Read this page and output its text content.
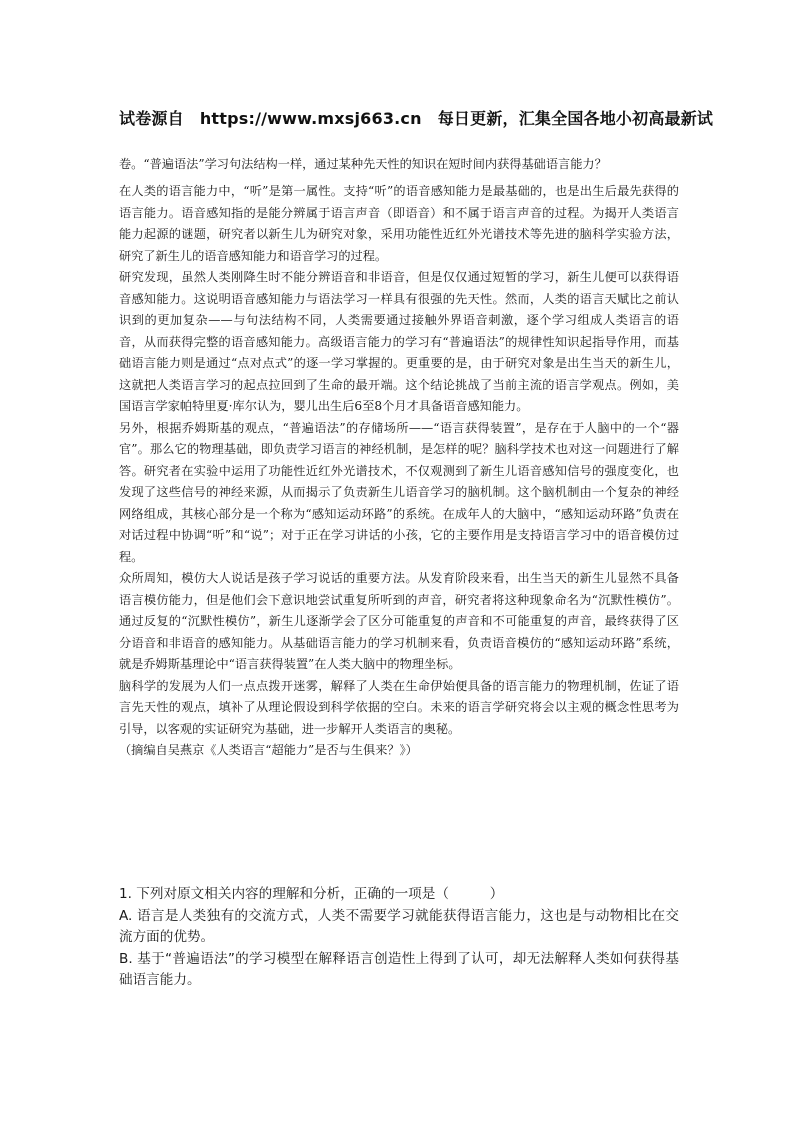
试卷源自 https://www.mxsj663.cn 每日更新，汇集全国各地小初高最新试

卷。“普遍语法”学习句法结构一样，通过某种先天性的知识在短时间内获得基础语言能力？

在人类的语言能力中，“听”是第一属性。支持“听”的语音感知能力是最基础的，也是出生后最先获得的语言能力。语音感知指的是能分辨属于语言声音（即语音）和不属于语言声音的过程。为揭开人类语言能力起源的谜题，研究者以新生儿为研究对象，采用功能性近红外光谱技术等先进的脑科学实验方法，研究了新生儿的语音感知能力和语音学习的过程。

研究发现，虽然人类刚降生时不能分辨语音和非语音，但是仅仅通过短暂的学习，新生儿便可以获得语音感知能力。这说明语音感知能力与语法学习一样具有很强的先天性。然而，人类的语言天赋比之前认识到的更加复杂——与句法结构不同，人类需要通过接触外界语音刺激，逐个学习组成人类语言的语音，从而获得完整的语音感知能力。高级语言能力的学习有“普遍语法”的规律性知识起指导作用，而基础语言能力则是通过“点对点式”的逐一学习掌握的。更重要的是，由于研究对象是出生当天的新生儿，这就把人类语言学习的起点拉回到了生命的最开端。这个结论挑战了当前主流的语言学观点。例如，美国语言学家帕特里夏·库尔认为，婴儿出生后6至8个月才具备语音感知能力。

另外，根据乔姆斯基的观点，“普遍语法”的存储场所——“语言获得装置”，是存在于人脑中的一个“器官”。那么它的物理基础，即负责学习语言的神经机制，是怎样的呢？脑科学技术也对这一问题进行了解答。研究者在实验中运用了功能性近红外光谱技术，不仅观测到了新生儿语音感知信号的强度变化，也发现了这些信号的神经来源，从而揭示了负责新生儿语音学习的脑机制。这个脑机制由一个复杂的神经网络组成，其核心部分是一个称为“感知运动环路”的系统。在成年人的大脑中，“感知运动环路”负责在对话过程中协调“听”和“说”；对于正在学习讲话的小孩，它的主要作用是支持语言学习中的语音模仿过程。

众所周知，模仿大人说话是孩子学习说话的重要方法。从发育阶段来看，出生当天的新生儿显然不具备语言模仿能力，但是他们会下意识地尝试重复所听到的声音，研究者将这种现象命名为“沉默性模仿”。通过反复的“沉默性模仿”，新生儿逐渐学会了区分可能重复的声音和不可能重复的声音，最终获得了区分语音和非语音的感知能力。从基础语言能力的学习机制来看，负责语音模仿的“感知运动环路”系统，就是乔姆斯基理论中“语言获得装置”在人类大脑中的物理坐标。

脑科学的发展为人们一点点拨开迷雾，解释了人类在生命伊始便具备的语言能力的物理机制，佐证了语言先天性的观点，填补了从理论假设到科学依据的空白。未来的语言学研究将会以主观的概念性思考为引导，以客观的实证研究为基础，进一步解开人类语言的奥秘。

（摘编自吴燕京《人类语言“超能力”是否与生俱来？》）

1. 下列对原文相关内容的理解和分析，正确的一项是（　　　）

A. 语言是人类独有的交流方式，人类不需要学习就能获得语言能力，这也是与动物相比在交流方面的优势。

B. 基于“普遍语法”的学习模型在解释语言创造性上得到了认可，却无法解释人类如何获得基础语言能力。
